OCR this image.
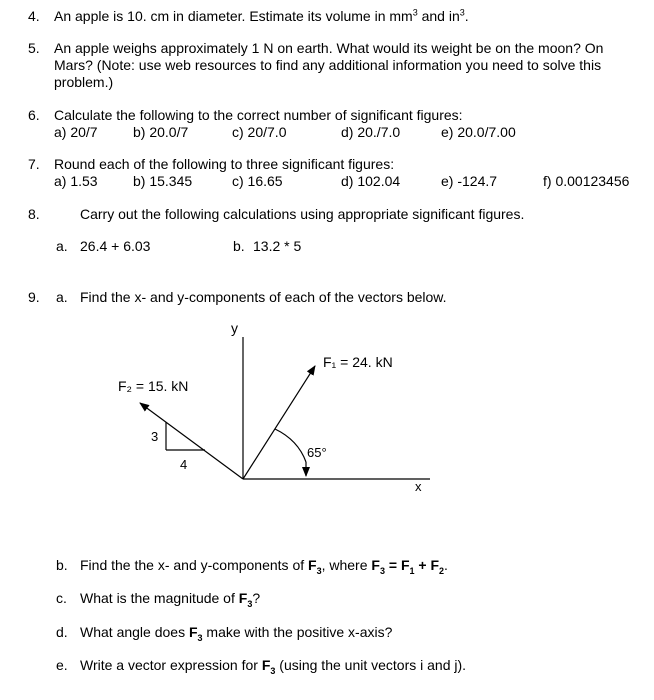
4. An apple is 10. cm in diameter. Estimate its volume in $mm^3$ and $in^3$.
5. An apple weighs approximately 1 N on earth. What would its weight be on the moon? On
Mars? (Note: use web resources to find any additional information you need to solve this
problem.)
6. Calculate the following to the correct number of significant figures:
a) 20/7	b) 20.0/7	c) 20/7.0	d) 20./7.0	e) 20.0/7.00
7. Round each of the following to three significant figures:
a) 1.53	b) 15.345	c) 16.65	d) 102.04	e) -124.7	f) 0.00123456
8.	Carry out the following calculations using appropriate significant figures.
a. 26.4 + 6.03	b. 13.2 * 5
9. a. Find the x- and y-components of each of the vectors below.
y
x
F₁ = 24. kN
F₂ = 15. kN
3
4
65°
b. Find the the x- and y-components of $F_3$, where $F_3 = F_1 + F_2$.
c. What is the magnitude of $F_3$?
d. What angle does $F_3$ make with the positive x-axis?
e. Write a vector expression for $F_3$ (using the unit vectors i and j).
